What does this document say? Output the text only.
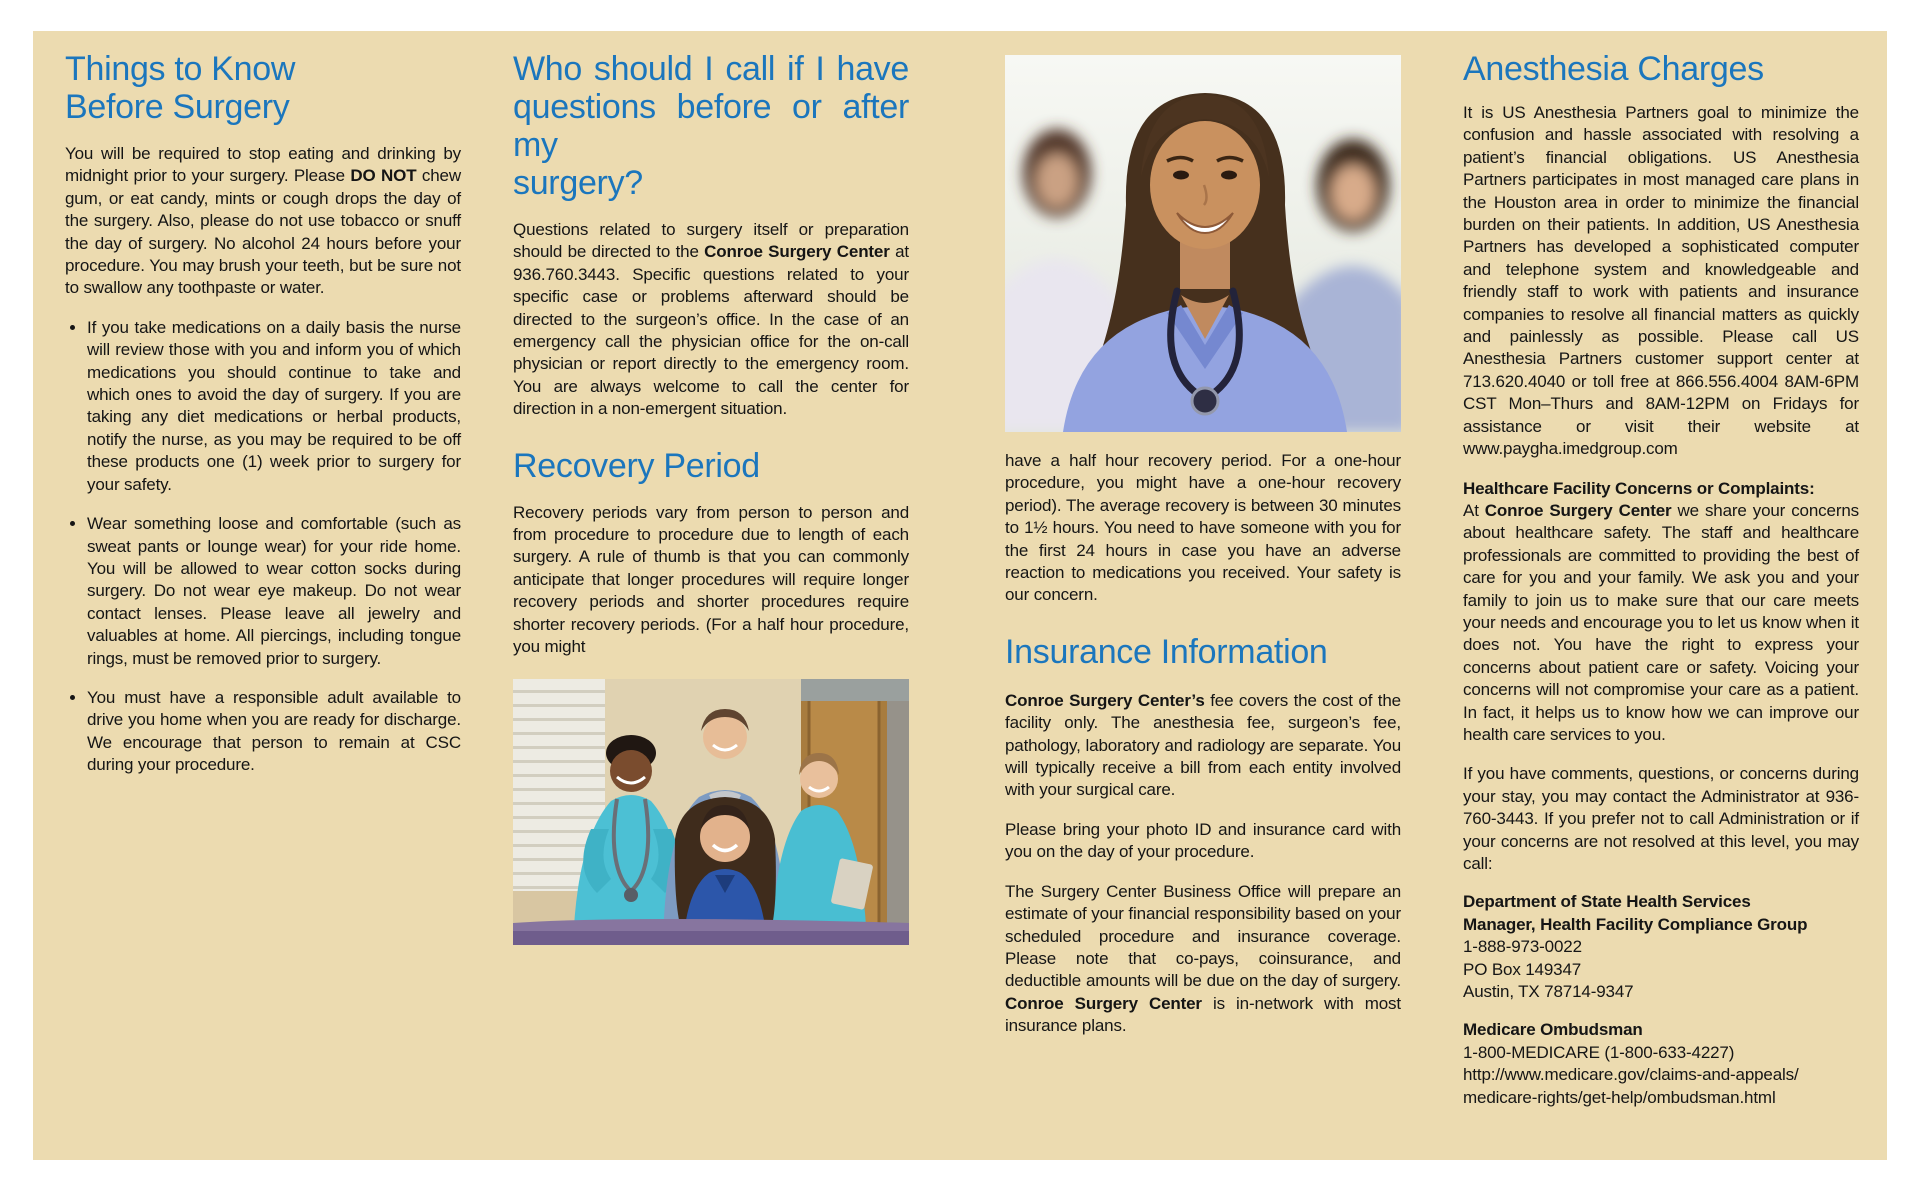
Things to Know
Before Surgery

You will be required to stop eating and drinking by midnight prior to your surgery. Please DO NOT chew gum, or eat candy, mints or cough drops the day of the surgery. Also, please do not use tobacco or snuff the day of surgery. No alcohol 24 hours before your procedure. You may brush your teeth, but be sure not to swallow any toothpaste or water.

• If you take medications on a daily basis the nurse will review those with you and inform you of which medications you should continue to take and which ones to avoid the day of surgery. If you are taking any diet medications or herbal products, notify the nurse, as you may be required to be off these products one (1) week prior to surgery for your safety.
• Wear something loose and comfortable (such as sweat pants or lounge wear) for your ride home. You will be allowed to wear cotton socks during surgery. Do not wear eye makeup. Do not wear contact lenses. Please leave all jewelry and valuables at home. All piercings, including tongue rings, must be removed prior to surgery.
• You must have a responsible adult available to drive you home when you are ready for discharge. We encourage that person to remain at CSC during your procedure.
Who should I call if I have
questions before or after my
surgery?

Questions related to surgery itself or preparation should be directed to the Conroe Surgery Center at 936.760.3443. Specific questions related to your specific case or problems afterward should be directed to the surgeon’s office. In the case of an emergency call the physician office for the on-call physician or report directly to the emergency room. You are always welcome to call the center for direction in a non-emergent situation.

Recovery Period

Recovery periods vary from person to person and from procedure to procedure due to length of each surgery. A rule of thumb is that you can commonly anticipate that longer procedures will require longer recovery periods and shorter procedures require shorter recovery periods. (For a half hour procedure, you might

have a half hour recovery period. For a one-hour procedure, you might have a one-hour recovery period). The average recovery is between 30 minutes to 1½ hours. You need to have someone with you for the first 24 hours in case you have an adverse reaction to medications you received. Your safety is our concern.

Insurance Information

Conroe Surgery Center’s fee covers the cost of the facility only. The anesthesia fee, surgeon’s fee, pathology, laboratory and radiology are separate. You will typically receive a bill from each entity involved with your surgical care.

Please bring your photo ID and insurance card with you on the day of your procedure.

The Surgery Center Business Office will prepare an estimate of your financial responsibility based on your scheduled procedure and insurance coverage. Please note that co-pays, coinsurance, and deductible amounts will be due on the day of surgery. Conroe Surgery Center is in-network with most insurance plans.

Anesthesia Charges

It is US Anesthesia Partners goal to minimize the confusion and hassle associated with resolving a patient’s financial obligations. US Anesthesia Partners participates in most managed care plans in the Houston area in order to minimize the financial burden on their patients. In addition, US Anesthesia Partners has developed a sophisticated computer and telephone system and knowledgeable and friendly staff to work with patients and insurance companies to resolve all financial matters as quickly and painlessly as possible. Please call US Anesthesia Partners customer support center at 713.620.4040 or toll free at 866.556.4004 8AM-6PM CST Mon–Thurs and 8AM-12PM on Fridays for assistance or visit their website at www.paygha.imedgroup.com

Healthcare Facility Concerns or Complaints:
At Conroe Surgery Center we share your concerns about healthcare safety. The staff and healthcare professionals are committed to providing the best of care for you and your family. We ask you and your family to join us to make sure that our care meets your needs and encourage you to let us know when it does not. You have the right to express your concerns about patient care or safety. Voicing your concerns will not compromise your care as a patient. In fact, it helps us to know how we can improve our health care services to you.

If you have comments, questions, or concerns during your stay, you may contact the Administrator at 936-760-3443. If you prefer not to call Administration or if your concerns are not resolved at this level, you may call:

Department of State Health Services
Manager, Health Facility Compliance Group
1-888-973-0022
PO Box 149347
Austin, TX 78714-9347
Medicare Ombudsman
1-800-MEDICARE (1-800-633-4227)
http://www.medicare.gov/claims-and-appeals/
medicare-rights/get-help/ombudsman.html
